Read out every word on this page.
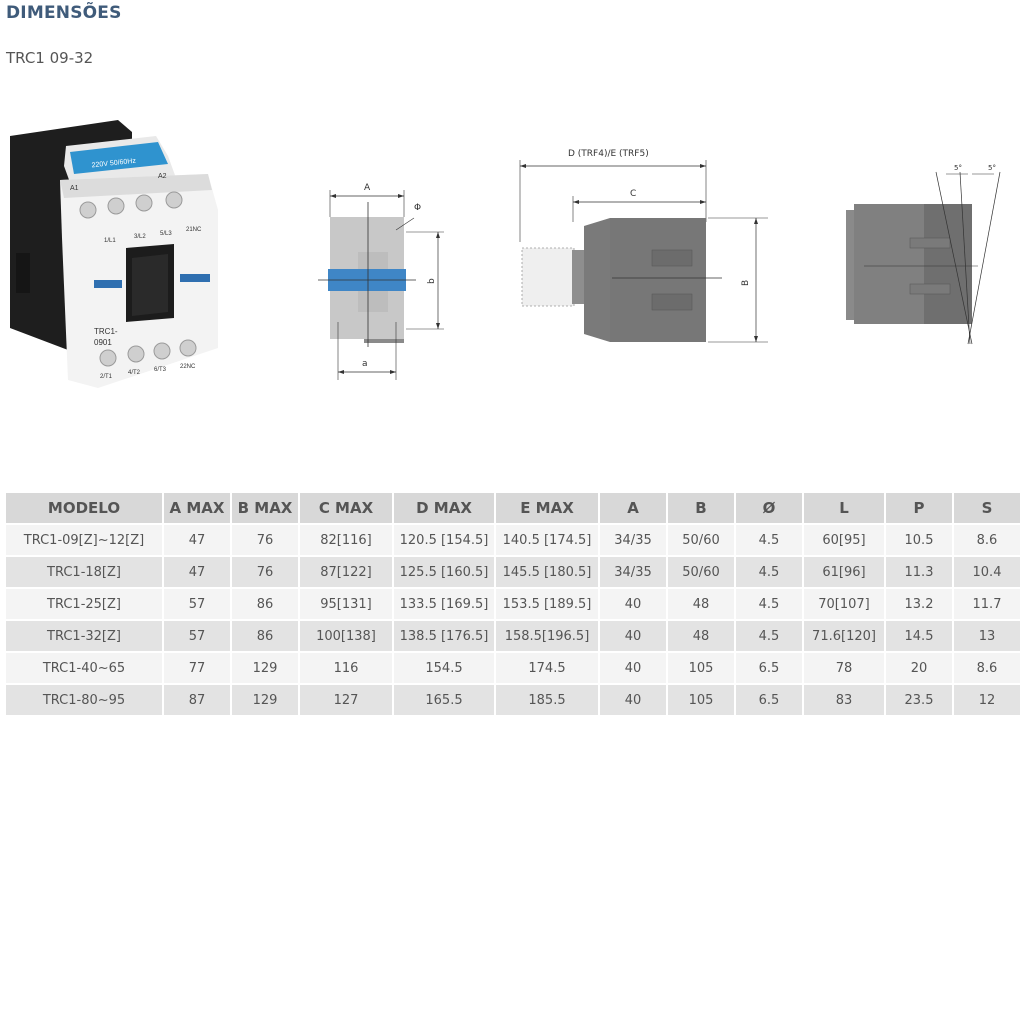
DIMENSÕES
TRC1 09-32
220V 50/60Hz
A1
A2
1/L1
3/L2 5/L3
21NC
TRC1-
0901
2/T1
4/T2 6/T3 22NC
A
Φ
b
a
D (TRF4)/E (TRF5)
C
B
5°	5°
MODELO	A MAX	B MAX	C MAX	D MAX	E MAX	A	B	Ø	L	P	S
TRC1-09[Z]~12[Z]	47	76	82[116]	120.5 [154.5]	140.5 [174.5]	34/35	50/60	4.5	60[95]	10.5	8.6
TRC1-18[Z]	47	76	87[122]	125.5 [160.5]	145.5 [180.5]	34/35	50/60	4.5	61[96]	11.3	10.4
TRC1-25[Z]	57	86	95[131]	133.5 [169.5]	153.5 [189.5]	40	48	4.5	70[107]	13.2	11.7
TRC1-32[Z]	57	86	100[138]	138.5 [176.5]	158.5[196.5]	40	48	4.5	71.6[120]	14.5	13
TRC1-40~65	77	129	116	154.5	174.5	40	105	6.5	78	20	8.6
TRC1-80~95	87	129	127	165.5	185.5	40	105	6.5	83	23.5	12
